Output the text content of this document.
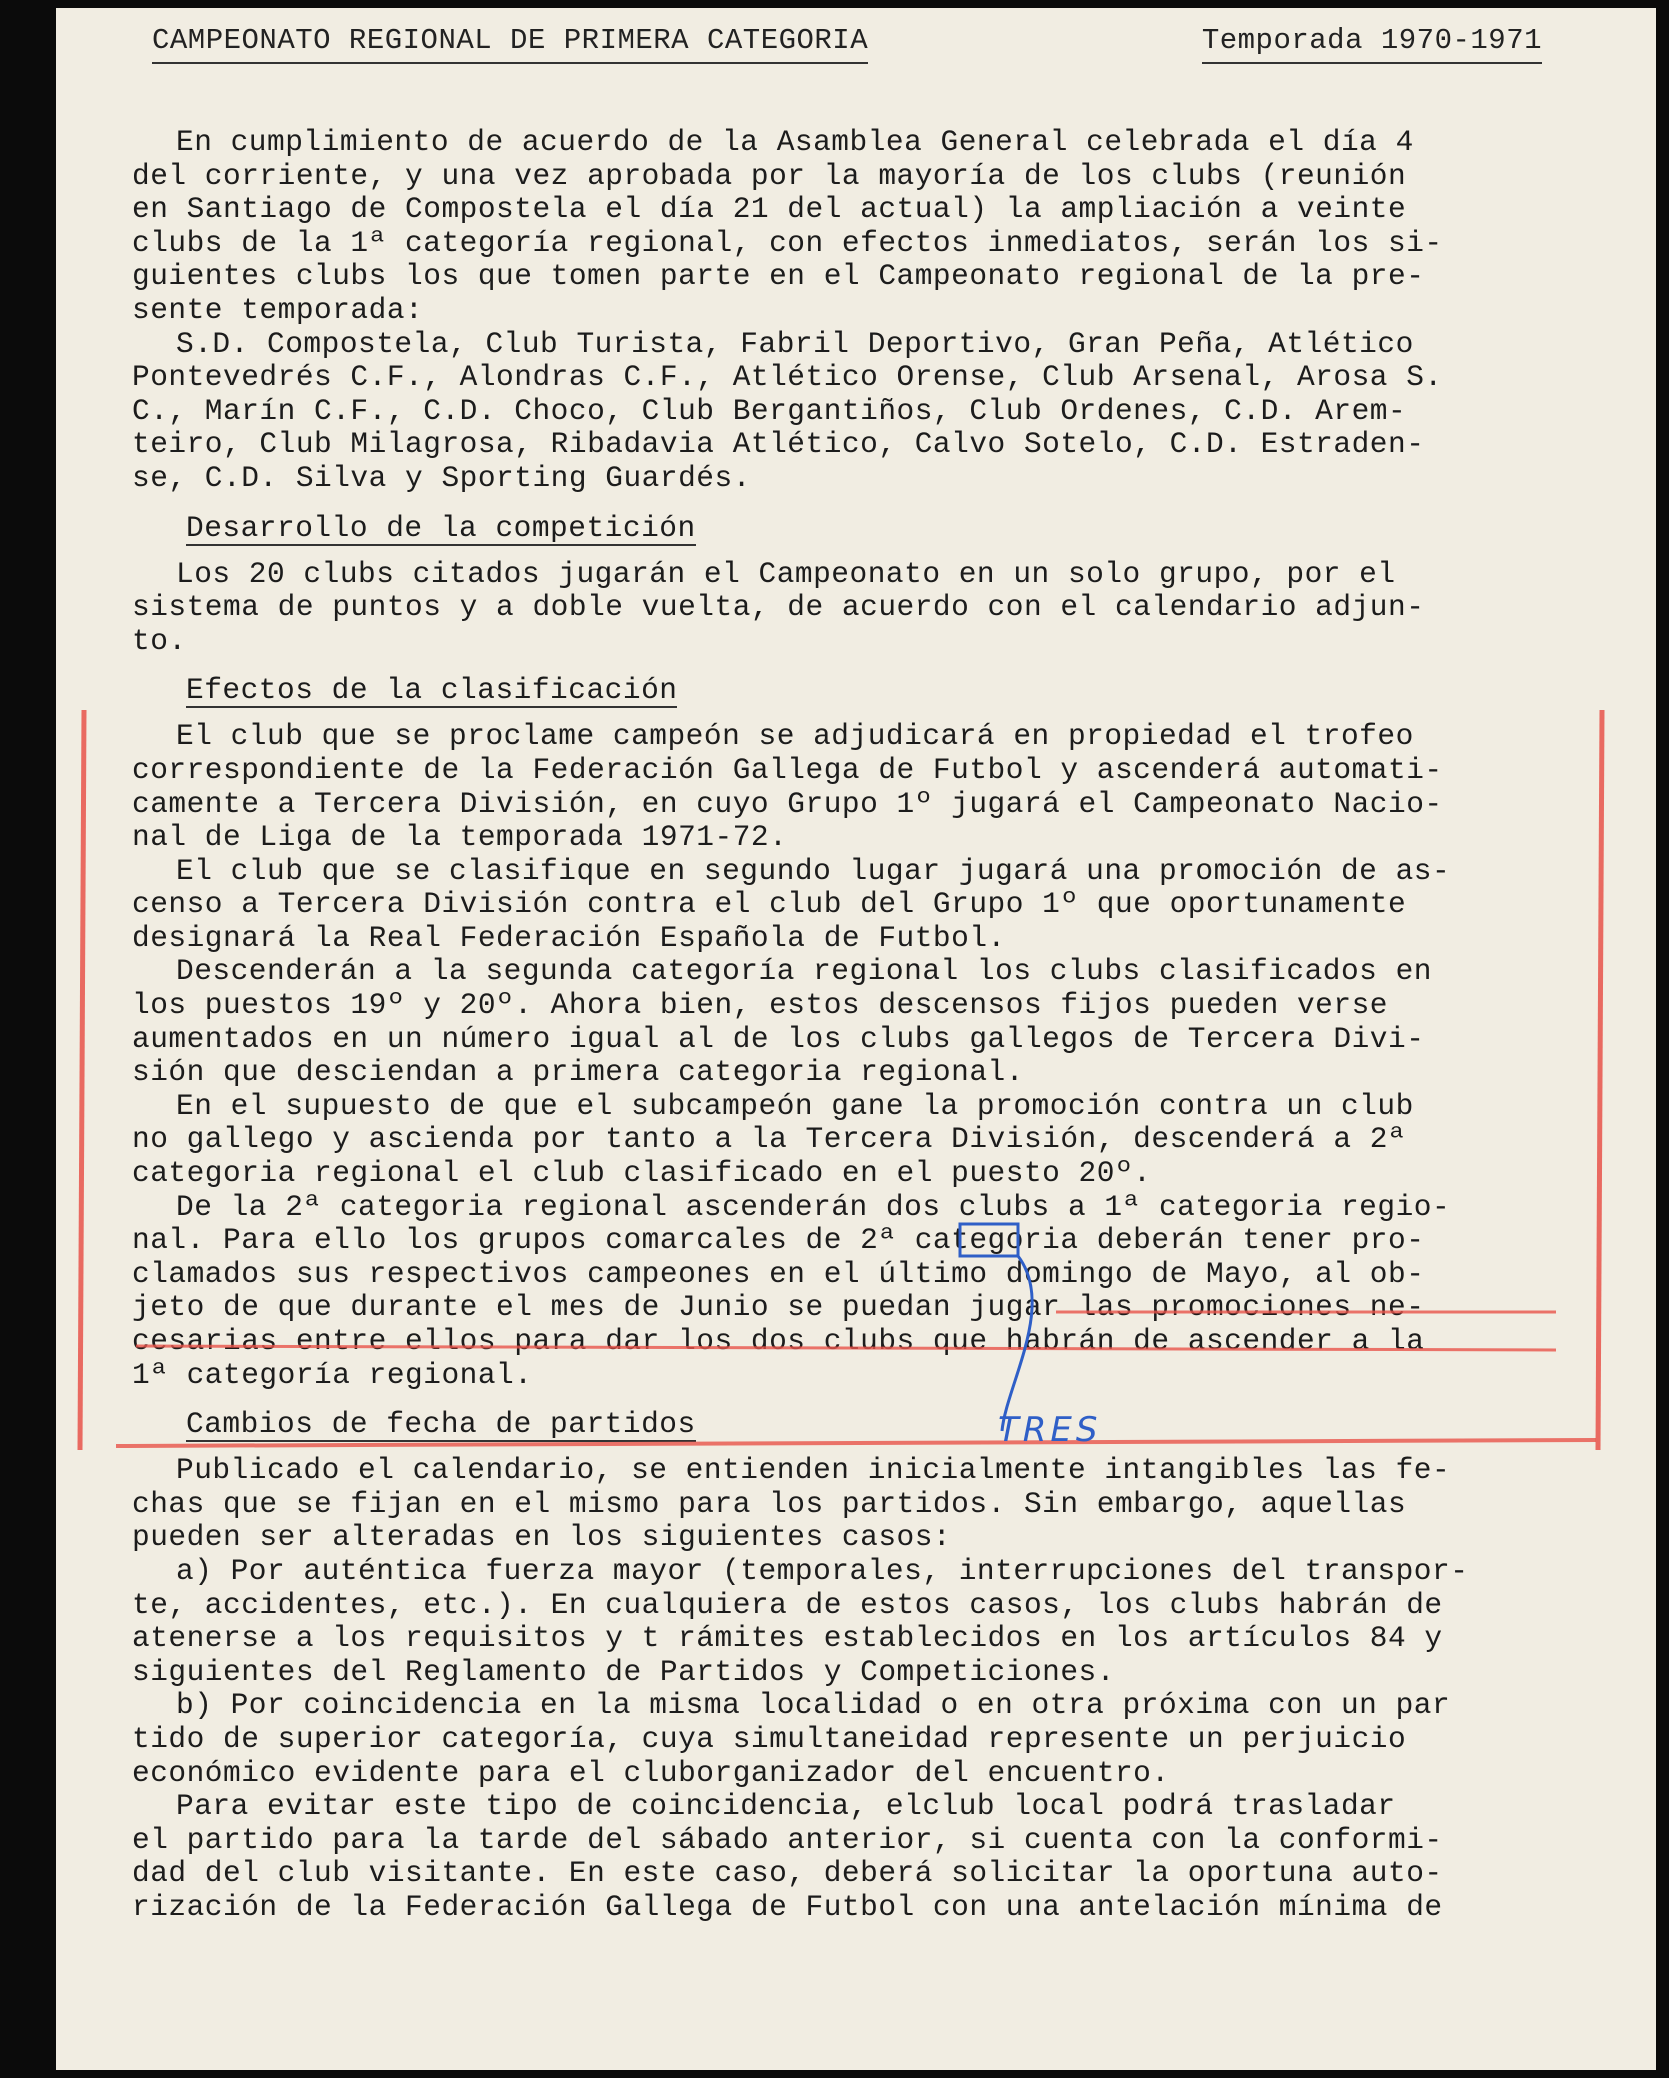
CAMPEONATO REGIONAL DE PRIMERA CATEGORIA	Temporada 1970-1971
En cumplimiento de acuerdo de la Asamblea General celebrada el día 4
del corriente, y una vez aprobada por la mayoría de los clubs (reunión
en Santiago de Compostela el día 21 del actual) la ampliación a veinte
clubs de la 1ª categoría regional, con efectos inmediatos, serán los si-
guientes clubs los que tomen parte en el Campeonato regional de la pre-
sente temporada:
S.D. Compostela, Club Turista, Fabril Deportivo, Gran Peña, Atlético
Pontevedrés C.F., Alondras C.F., Atlético Orense, Club Arsenal, Arosa S.
C., Marín C.F., C.D. Choco, Club Bergantiños, Club Ordenes, C.D. Arem-
teiro, Club Milagrosa, Ribadavia Atlético, Calvo Sotelo, C.D. Estraden-
se, C.D. Silva y Sporting Guardés.
Desarrollo de la competición
Los 20 clubs citados jugarán el Campeonato en un solo grupo, por el
sistema de puntos y a doble vuelta, de acuerdo con el calendario adjun-
to.
Efectos de la clasificación
El club que se proclame campeón se adjudicará en propiedad el trofeo
correspondiente de la Federación Gallega de Futbol y ascenderá automati-
camente a Tercera División, en cuyo Grupo 1º jugará el Campeonato Nacio-
nal de Liga de la temporada 1971-72.
El club que se clasifique en segundo lugar jugará una promoción de as-
censo a Tercera División contra el club del Grupo 1º que oportunamente
designará la Real Federación Española de Futbol.
Descenderán a la segunda categoría regional los clubs clasificados en
los puestos 19º y 20º. Ahora bien, estos descensos fijos pueden verse
aumentados en un número igual al de los clubs gallegos de Tercera Divi-
sión que desciendan a primera categoria regional.
En el supuesto de que el subcampeón gane la promoción contra un club
no gallego y ascienda por tanto a la Tercera División, descenderá a 2ª
categoria regional el club clasificado en el puesto 20º.
De la 2ª categoria regional ascenderán dos clubs a 1ª categoria regio-
nal. Para ello los grupos comarcales de 2ª categoria deberán tener pro-
clamados sus respectivos campeones en el último domingo de Mayo, al ob-
jeto de que durante el mes de Junio se puedan jugar las promociones ne-
cesarias entre ellos para dar los dos clubs que habrán de ascender a la
1ª categoría regional.
Cambios de fecha de partidos
Publicado el calendario, se entienden inicialmente intangibles las fe-
chas que se fijan en el mismo para los partidos. Sin embargo, aquellas
pueden ser alteradas en los siguientes casos:
a) Por auténtica fuerza mayor (temporales, interrupciones del transpor-
te, accidentes, etc.). En cualquiera de estos casos, los clubs habrán de
atenerse a los requisitos y t rámites establecidos en los artículos 84 y
siguientes del Reglamento de Partidos y Competiciones.
b) Por coincidencia en la misma localidad o en otra próxima con un par
tido de superior categoría, cuya simultaneidad represente un perjuicio
económico evidente para el cluborganizador del encuentro.
Para evitar este tipo de coincidencia, elclub local podrá trasladar
el partido para la tarde del sábado anterior, si cuenta con la conformi-
dad del club visitante. En este caso, deberá solicitar la oportuna auto-
rización de la Federación Gallega de Futbol con una antelación mínima de
TRES
